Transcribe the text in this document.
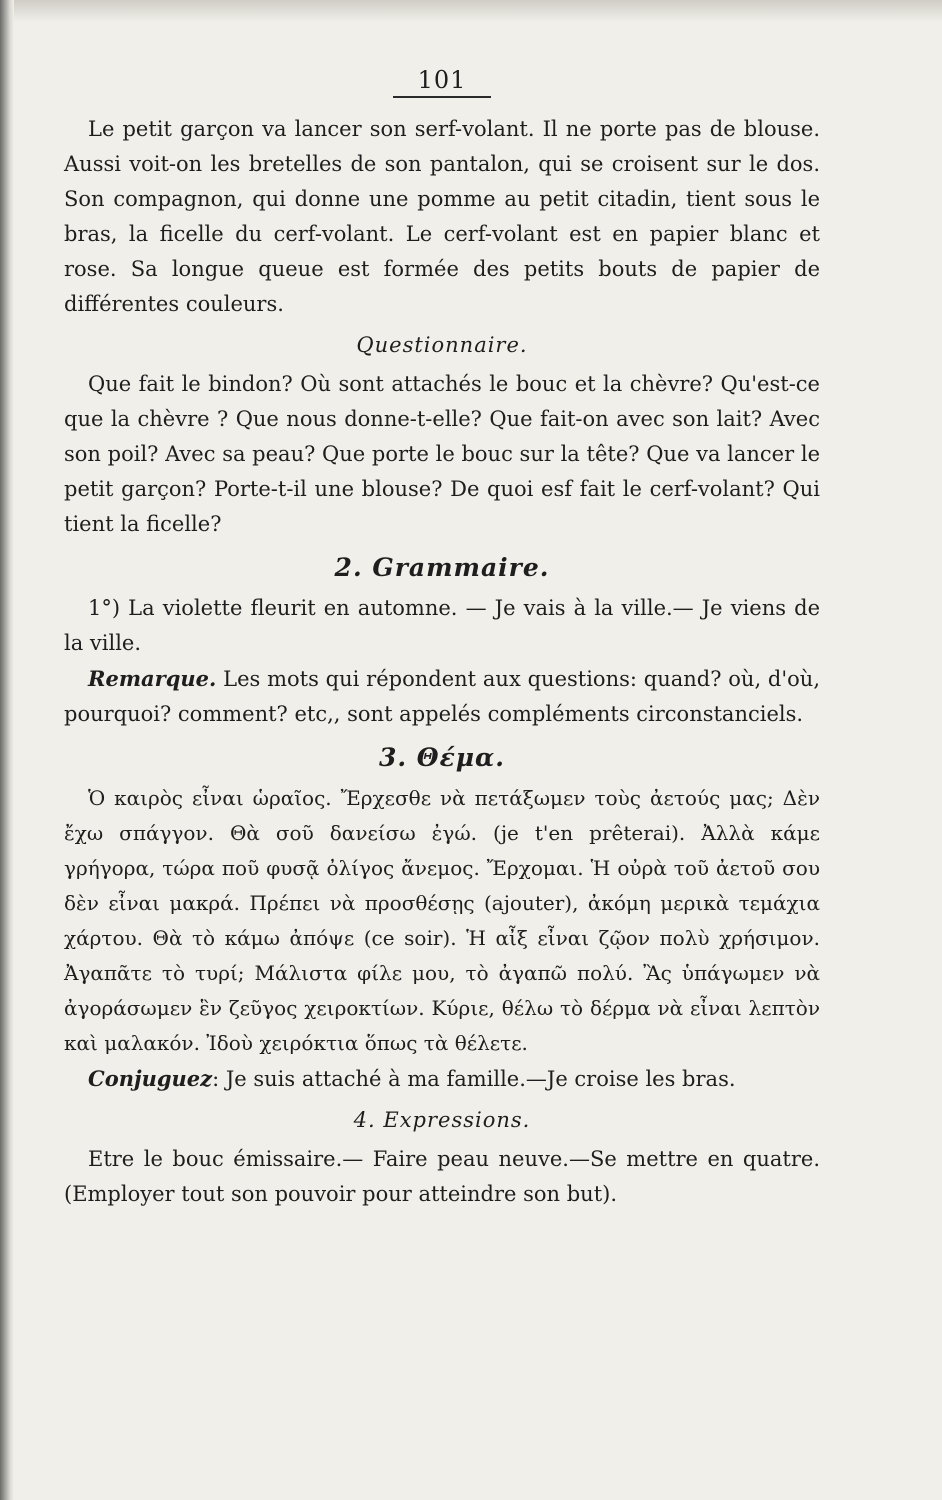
101

Le petit garçon va lancer son serf-volant. Il ne porte pas de blouse. Aussi voit-on les bretelles de son pantalon, qui se croisent sur le dos. Son compagnon, qui donne une pomme au petit citadin, tient sous le bras, la ficelle du cerf-volant. Le cerf-volant est en papier blanc et rose. Sa longue queue est formée des petits bouts de papier de différentes couleurs.

Questionnaire.

Que fait le bindon? Où sont attachés le bouc et la chèvre? Qu'est-ce que la chèvre ? Que nous donne-t-elle? Que fait-on avec son lait? Avec son poil? Avec sa peau? Que porte le bouc sur la tête? Que va lancer le petit garçon? Porte-t-il une blouse? De quoi esf fait le cerf-volant? Qui tient la ficelle?

2. Grammaire.

1°) La violette fleurit en automne. — Je vais à la ville.— Je viens de la ville.

Remarque. Les mots qui répondent aux questions: quand? où, d'où, pourquoi? comment? etc,, sont appelés compléments circonstanciels.

3. Θέμα.

Ὁ καιρὸς εἶναι ὡραῖος. Ἔρχεσθε νὰ πετάξωμεν τοὺς ἀετούς μας; Δὲν ἔχω σπάγγον. Θὰ σοῦ δανείσω ἐγώ. (je t'en prêterai). Ἀλλὰ κάμε γρήγορα, τώρα ποῦ φυσᾷ ὀλίγος ἄνεμος. Ἔρχομαι. Ἡ οὐρὰ τοῦ ἀετοῦ σου δὲν εἶναι μακρά. Πρέπει νὰ προσθέσῃς (ajouter), ἀκόμη μερικὰ τεμάχια χάρτου. Θὰ τὸ κάμω ἀπόψε (ce soir). Ἡ αἶξ εἶναι ζῷον πολὺ χρήσιμον. Ἀγαπᾶτε τὸ τυρί; Μάλιστα φίλε μου, τὸ ἀγαπῶ πολύ. Ἂς ὑπάγωμεν νὰ ἀγοράσωμεν ἓν ζεῦγος χειροκτίων. Κύριε, θέλω τὸ δέρμα νὰ εἶναι λεπτὸν καὶ μαλακόν. Ἰδοὺ χειρόκτια ὅπως τὰ θέλετε.

Conjuguez: Je suis attaché à ma famille.—Je croise les bras.

4. Expressions.

Etre le bouc émissaire.— Faire peau neuve.—Se mettre en quatre. (Employer tout son pouvoir pour atteindre son but).
